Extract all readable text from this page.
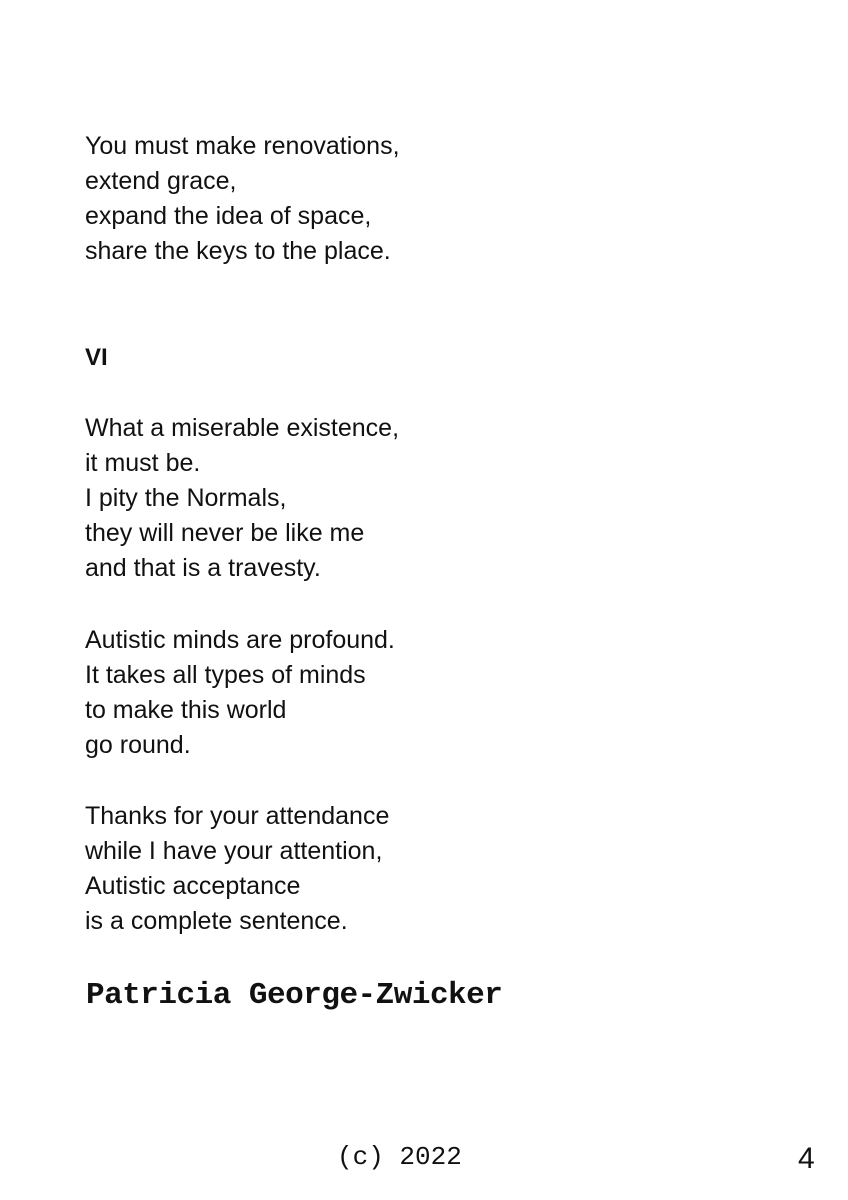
You must make renovations,
extend grace,
expand the idea of space,
share the keys to the place.
VI
What a miserable existence,
it must be.
I pity the Normals,
they will never be like me
and that is a travesty.
Autistic minds are profound.
It takes all types of minds
to make this world
go round.
Thanks for your attendance
while I have your attention,
Autistic acceptance
is a complete sentence.
Patricia George-Zwicker
(c) 2022	4
